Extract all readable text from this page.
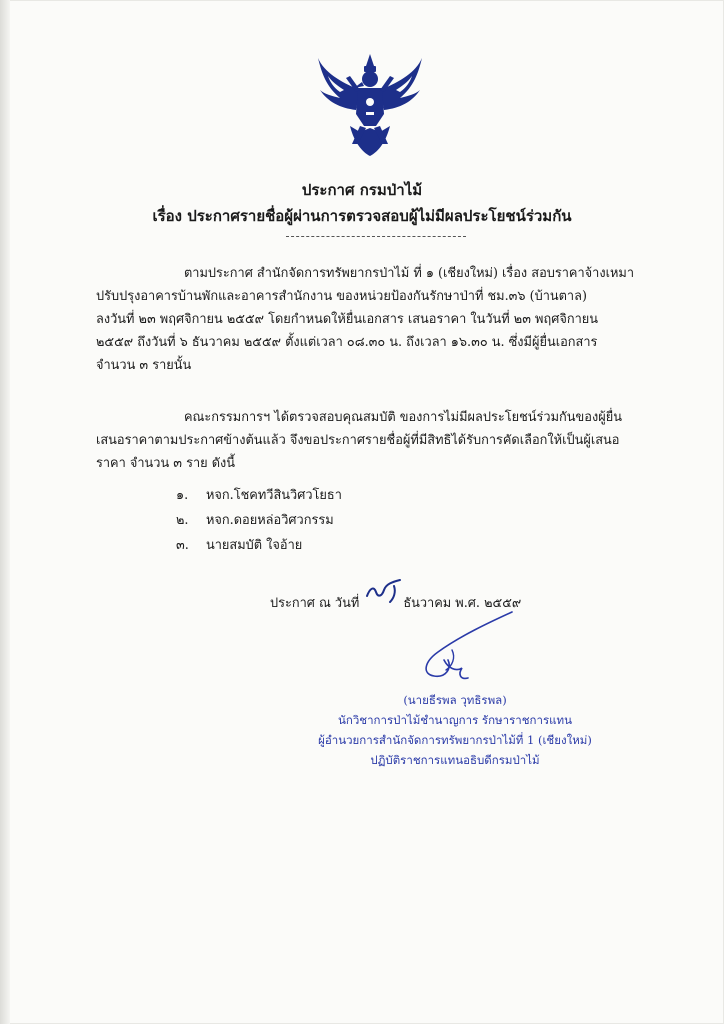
ประกาศ กรมป่าไม้
เรื่อง ประกาศรายชื่อผู้ผ่านการตรวจสอบผู้ไม่มีผลประโยชน์ร่วมกัน
ตามประกาศ สำนักจัดการทรัพยากรป่าไม้ ที่ ๑ (เชียงใหม่) เรื่อง สอบราคาจ้างเหมา
ปรับปรุงอาคารบ้านพักและอาคารสำนักงาน ของหน่วยป้องกันรักษาป่าที่ ชม.๓๖ (บ้านตาล)
ลงวันที่ ๒๓ พฤศจิกายน ๒๕๕๙ โดยกำหนดให้ยื่นเอกสาร เสนอราคา ในวันที่ ๒๓ พฤศจิกายน
๒๕๕๙ ถึงวันที่ ๖ ธันวาคม ๒๕๕๙ ตั้งแต่เวลา ๐๘.๓๐ น. ถึงเวลา ๑๖.๓๐ น. ซึ่งมีผู้ยื่นเอกสาร
จำนวน ๓ รายนั้น
คณะกรรมการฯ ได้ตรวจสอบคุณสมบัติ ของการไม่มีผลประโยชน์ร่วมกันของผู้ยื่น
เสนอราคาตามประกาศข้างต้นแล้ว จึงขอประกาศรายชื่อผู้ที่มีสิทธิได้รับการคัดเลือกให้เป็นผู้เสนอ
ราคา จำนวน ๓ ราย ดังนี้
๑.	หจก.โชคทวีสินวิศวโยธา
๒.	หจก.ดอยหล่อวิศวกรรม
๓.	นายสมบัติ ใจอ้าย
ประกาศ ณ วันที่	ธันวาคม พ.ศ. ๒๕๕๙
(นายธีรพล วุทธิรพล)
นักวิชาการป่าไม้ชำนาญการ รักษาราชการแทน
ผู้อำนวยการสำนักจัดการทรัพยากรป่าไม้ที่ 1 (เชียงใหม่)
ปฏิบัติราชการแทนอธิบดีกรมป่าไม้
